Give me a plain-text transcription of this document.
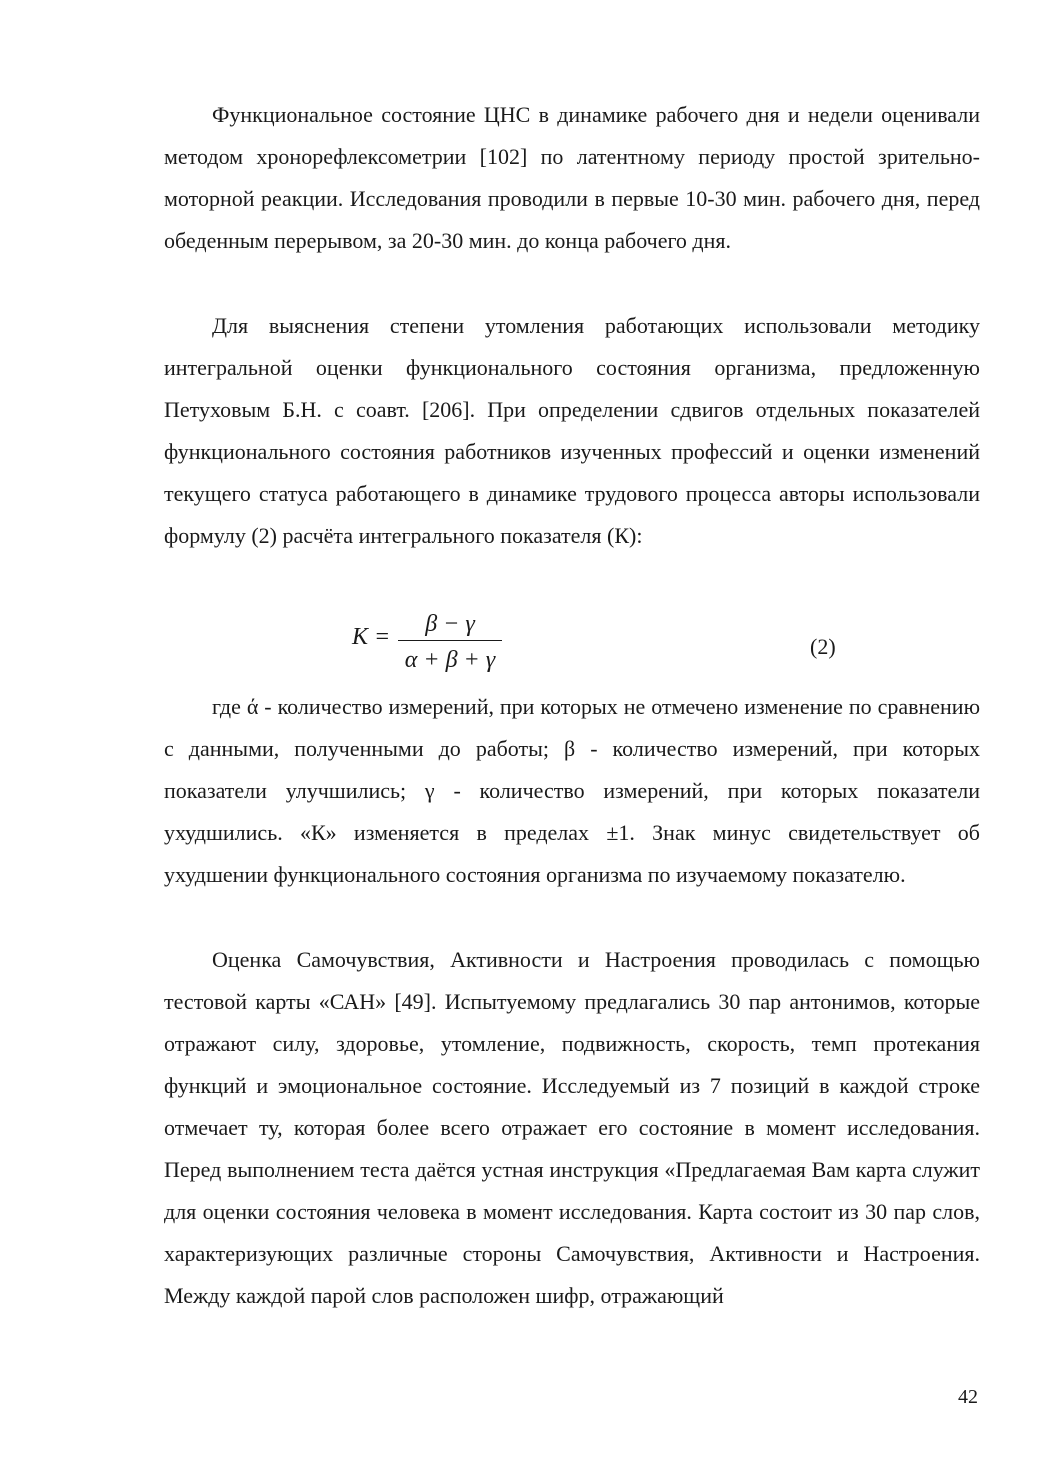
Функциональное состояние ЦНС в динамике рабочего дня и недели оценивали методом хронорефлексометрии [102] по латентному периоду простой зрительно-моторной реакции. Исследования проводили в первые 10-30 мин. рабочего дня, перед обеденным перерывом, за 20-30 мин. до конца рабочего дня.

Для выяснения степени утомления работающих использовали методику интегральной оценки функционального состояния организма, предложенную Петуховым Б.Н. с соавт. [206]. При определении сдвигов отдельных показателей функционального состояния работников изученных профессий и оценки изменений текущего статуса работающего в динамике трудового процесса авторы использовали формулу (2) расчёта интегрального показателя (К):

K =	β − γ
α + β + γ
(2)

где ά - количество измерений, при которых не отмечено изменение по сравнению с данными, полученными до работы; β - количество измерений, при которых показатели улучшились; γ - количество измерений, при которых показатели ухудшились. «К» изменяется в пределах ±1. Знак минус свидетельствует об ухудшении функционального состояния организма по изучаемому показателю.

Оценка Самочувствия, Активности и Настроения проводилась с помощью тестовой карты «САН» [49]. Испытуемому предлагались 30 пар антонимов, которые отражают силу, здоровье, утомление, подвижность, скорость, темп протекания функций и эмоциональное состояние. Исследуемый из 7 позиций в каждой строке отмечает ту, которая более всего отражает его состояние в момент исследования. Перед выполнением теста даётся устная инструкция «Предлагаемая Вам карта служит для оценки состояния человека в момент исследования. Карта состоит из 30 пар слов, характеризующих различные стороны Самочувствия, Активности и Настроения. Между каждой парой слов расположен шифр, отражающий

42
